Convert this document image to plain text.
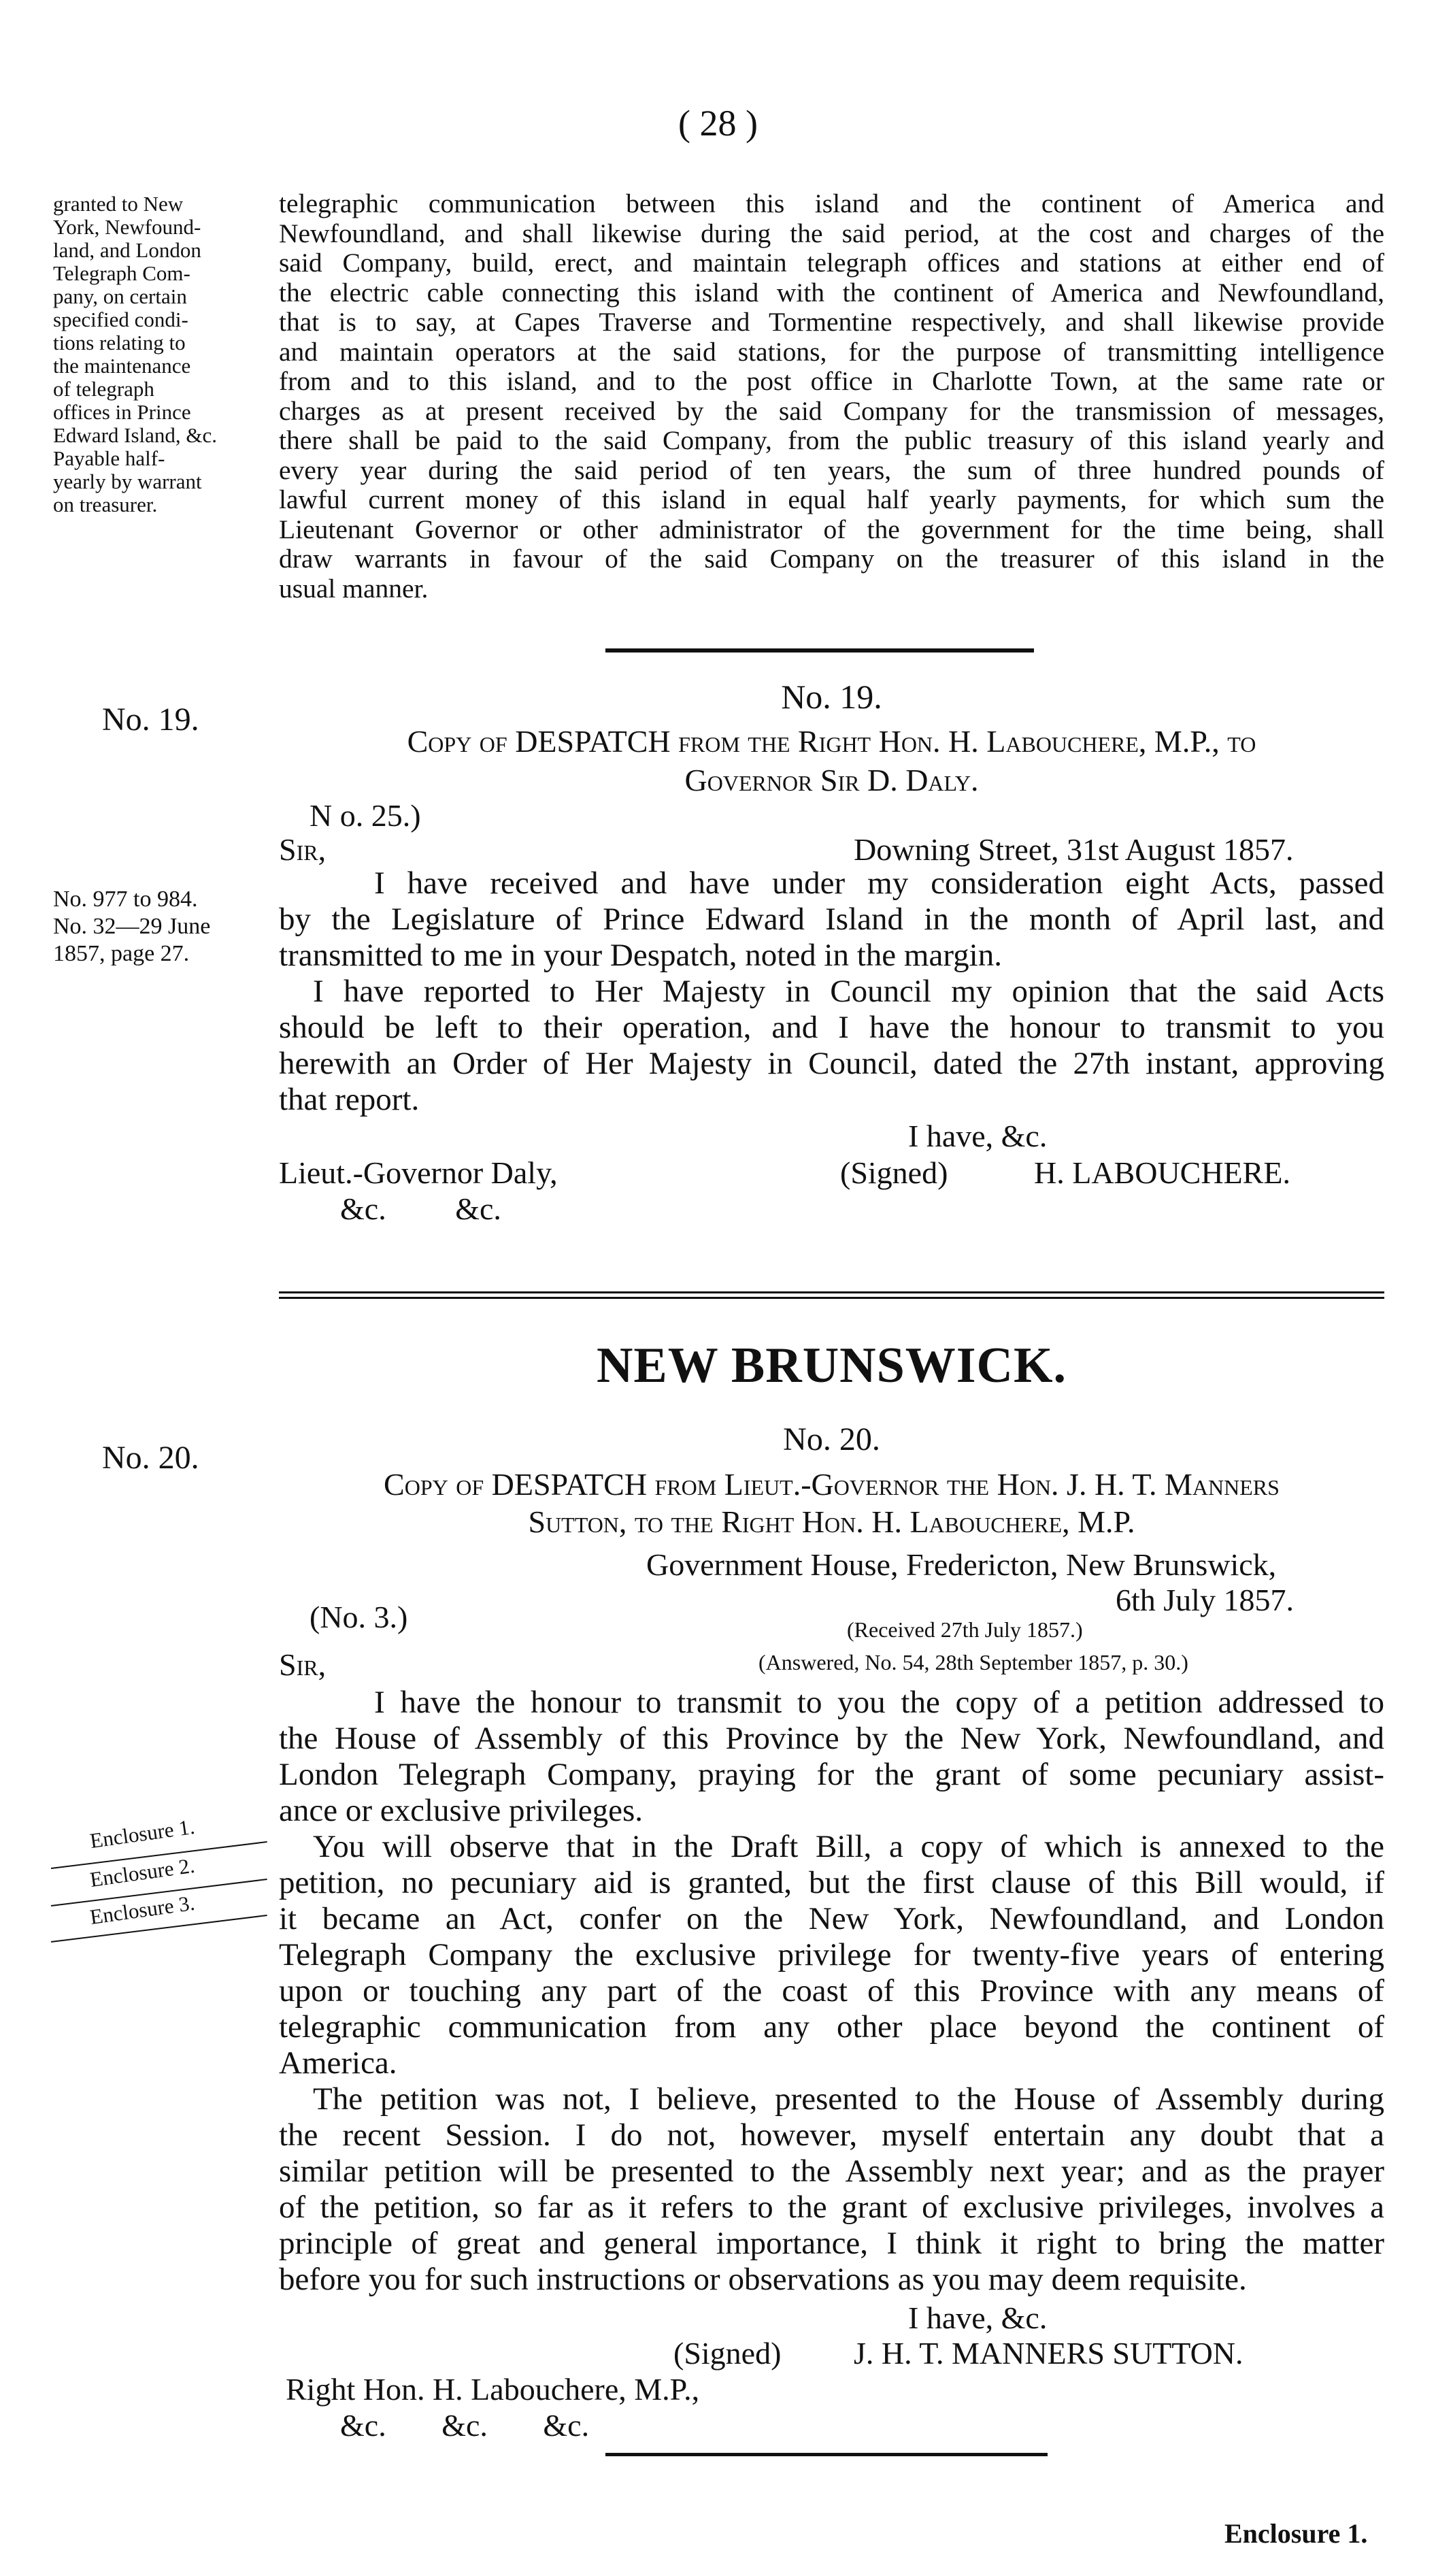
( 28 )
granted to New
York, Newfound-
land, and London
Telegraph Com-
pany, on certain
specified condi-
tions relating to
the maintenance
of telegraph
offices in Prince
Edward Island, &c.
Payable half-
yearly by warrant
on treasurer.
telegraphic communication between this island and the continent of America and
Newfoundland, and shall likewise during the said period, at the cost and charges of the
said Company, build, erect, and maintain telegraph offices and stations at either end of
the electric cable connecting this island with the continent of America and Newfoundland,
that is to say, at Capes Traverse and Tormentine respectively, and shall likewise provide
and maintain operators at the said stations, for the purpose of transmitting intelligence
from and to this island, and to the post office in Charlotte Town, at the same rate or
charges as at present received by the said Company for the transmission of messages,
there shall be paid to the said Company, from the public treasury of this island yearly and
every year during the said period of ten years, the sum of three hundred pounds of
lawful current money of this island in equal half yearly payments, for which sum the
Lieutenant Governor or other administrator of the government for the time being, shall
draw warrants in favour of the said Company on the treasurer of this island in the
usual manner.
No. 19.
No. 19.
Copy of DESPATCH from the Right Hon. H. Labouchere, M.P., to
Governor Sir D. Daly.
N o. 25.)
Sir,	Downing Street, 31st August 1857.
No. 977 to 984.
No. 32—29 June
1857, page 27.
I have received and have under my consideration eight Acts, passed
by the Legislature of Prince Edward Island in the month of April last, and
transmitted to me in your Despatch, noted in the margin.
I have reported to Her Majesty in Council my opinion that the said Acts
should be left to their operation, and I have the honour to transmit to you
herewith an Order of Her Majesty in Council, dated the 27th instant, approving
that report.
I have, &c.
Lieut.-Governor Daly,	(Signed)	H. LABOUCHERE.
&c. &c.
NEW BRUNSWICK.
No. 20.
No. 20.
Copy of DESPATCH from Lieut.-Governor the Hon. J. H. T. Manners
Sutton, to the Right Hon. H. Labouchere, M.P.
Government House, Fredericton, New Brunswick,
6th July 1857.
(No. 3.)	(Received 27th July 1857.)
Sir,	(Answered, No. 54, 28th September 1857, p. 30.)
Enclosure 1.
Enclosure 2.
Enclosure 3.
I have the honour to transmit to you the copy of a petition addressed to
the House of Assembly of this Province by the New York, Newfoundland, and
London Telegraph Company, praying for the grant of some pecuniary assist-
ance or exclusive privileges.
You will observe that in the Draft Bill, a copy of which is annexed to the
petition, no pecuniary aid is granted, but the first clause of this Bill would, if
it became an Act, confer on the New York, Newfoundland, and London
Telegraph Company the exclusive privilege for twenty-five years of entering
upon or touching any part of the coast of this Province with any means of
telegraphic communication from any other place beyond the continent of
America.
The petition was not, I believe, presented to the House of Assembly during
the recent Session. I do not, however, myself entertain any doubt that a
similar petition will be presented to the Assembly next year; and as the prayer
of the petition, so far as it refers to the grant of exclusive privileges, involves a
principle of great and general importance, I think it right to bring the matter
before you for such instructions or observations as you may deem requisite.
I have, &c.
(Signed) J. H. T. MANNERS SUTTON.
Right Hon. H. Labouchere, M.P.,
&c. &c. &c.
Enclosure 1.
